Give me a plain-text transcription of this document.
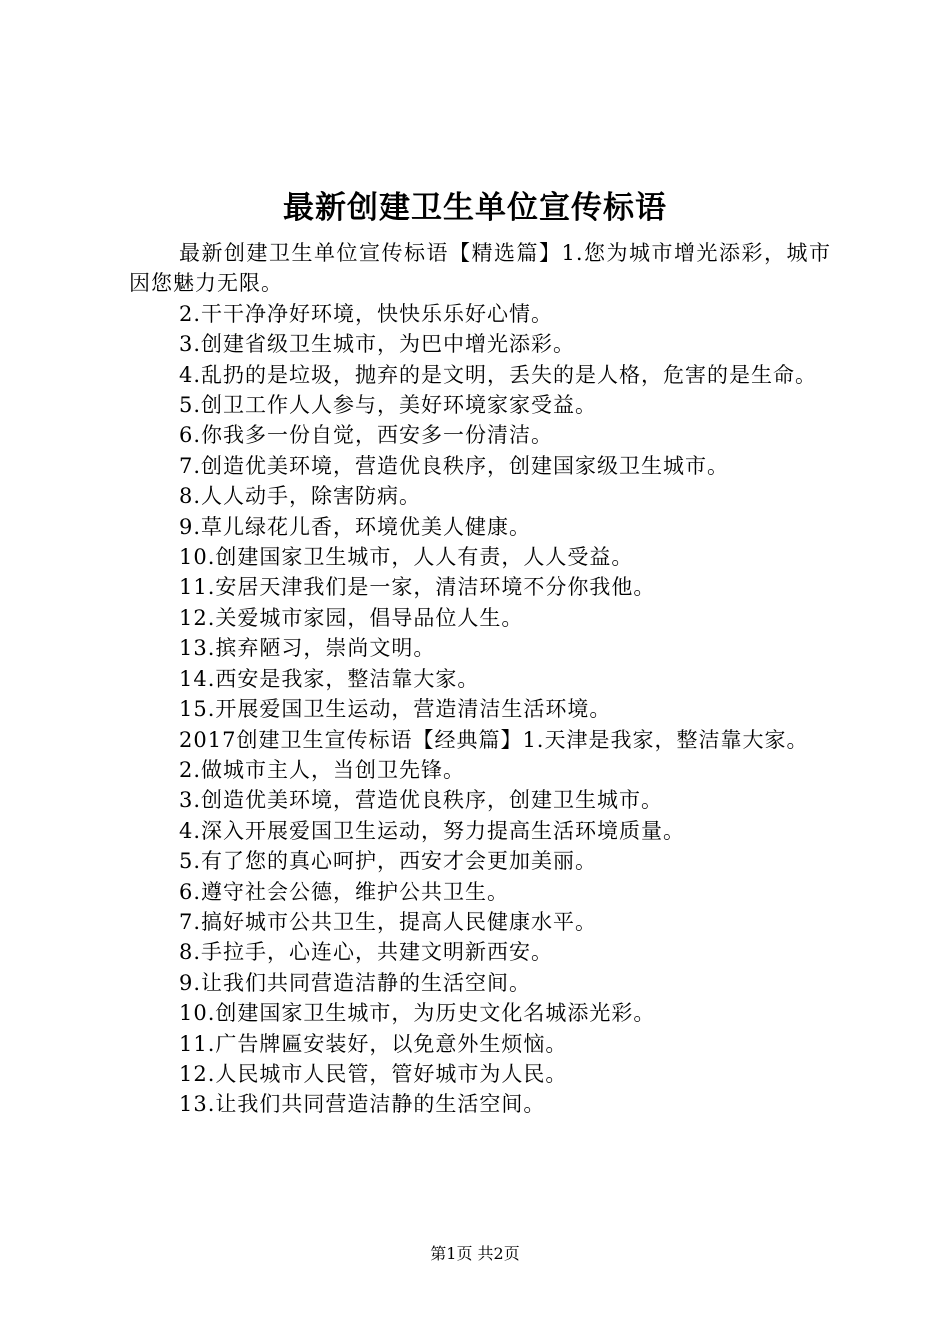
最新创建卫生单位宣传标语

最新创建卫生单位宣传标语【精选篇】1.您为城市增光添彩，城市因您魅力无限。

2.干干净净好环境，快快乐乐好心情。

3.创建省级卫生城市，为巴中增光添彩。

4.乱扔的是垃圾，抛弃的是文明，丢失的是人格，危害的是生命。

5.创卫工作人人参与，美好环境家家受益。

6.你我多一份自觉，西安多一份清洁。

7.创造优美环境，营造优良秩序，创建国家级卫生城市。

8.人人动手，除害防病。

9.草儿绿花儿香，环境优美人健康。

10.创建国家卫生城市，人人有责，人人受益。

11.安居天津我们是一家，清洁环境不分你我他。

12.关爱城市家园，倡导品位人生。

13.摈弃陋习，崇尚文明。

14.西安是我家，整洁靠大家。

15.开展爱国卫生运动，营造清洁生活环境。

2017创建卫生宣传标语【经典篇】1.天津是我家，整洁靠大家。

2.做城市主人，当创卫先锋。

3.创造优美环境，营造优良秩序，创建卫生城市。

4.深入开展爱国卫生运动，努力提高生活环境质量。

5.有了您的真心呵护，西安才会更加美丽。

6.遵守社会公德，维护公共卫生。

7.搞好城市公共卫生，提高人民健康水平。

8.手拉手，心连心，共建文明新西安。

9.让我们共同营造洁静的生活空间。

10.创建国家卫生城市，为历史文化名城添光彩。

11.广告牌匾安装好，以免意外生烦恼。

12.人民城市人民管，管好城市为人民。

13.让我们共同营造洁静的生活空间。

第1页 共2页
